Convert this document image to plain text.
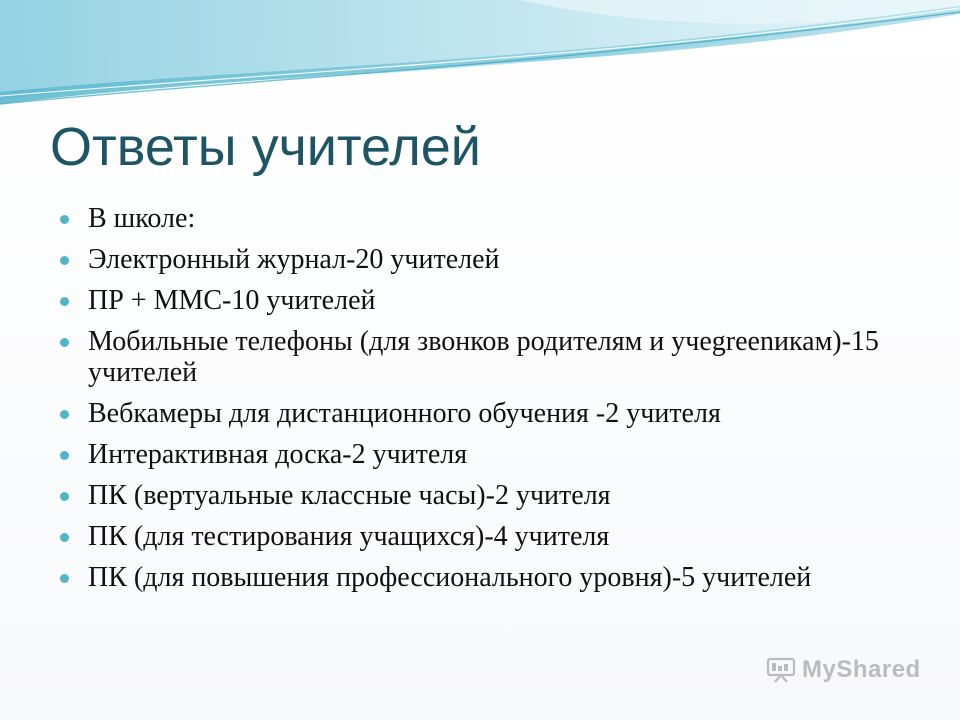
Ответы учителей
В школе:
Электронный журнал-20 учителей
ПР + ММС-10 учителей
Мобильные телефоны (для звонков родителям и учеgreenикам)-15 учителей
Вебкамеры для дистанционного обучения -2 учителя
Интерактивная доска-2 учителя
ПК (вертуальные классные часы)-2 учителя
ПК (для тестирования учащихся)-4 учителя
ПК (для повышения профессионального уровня)-5 учителей
MyShared
